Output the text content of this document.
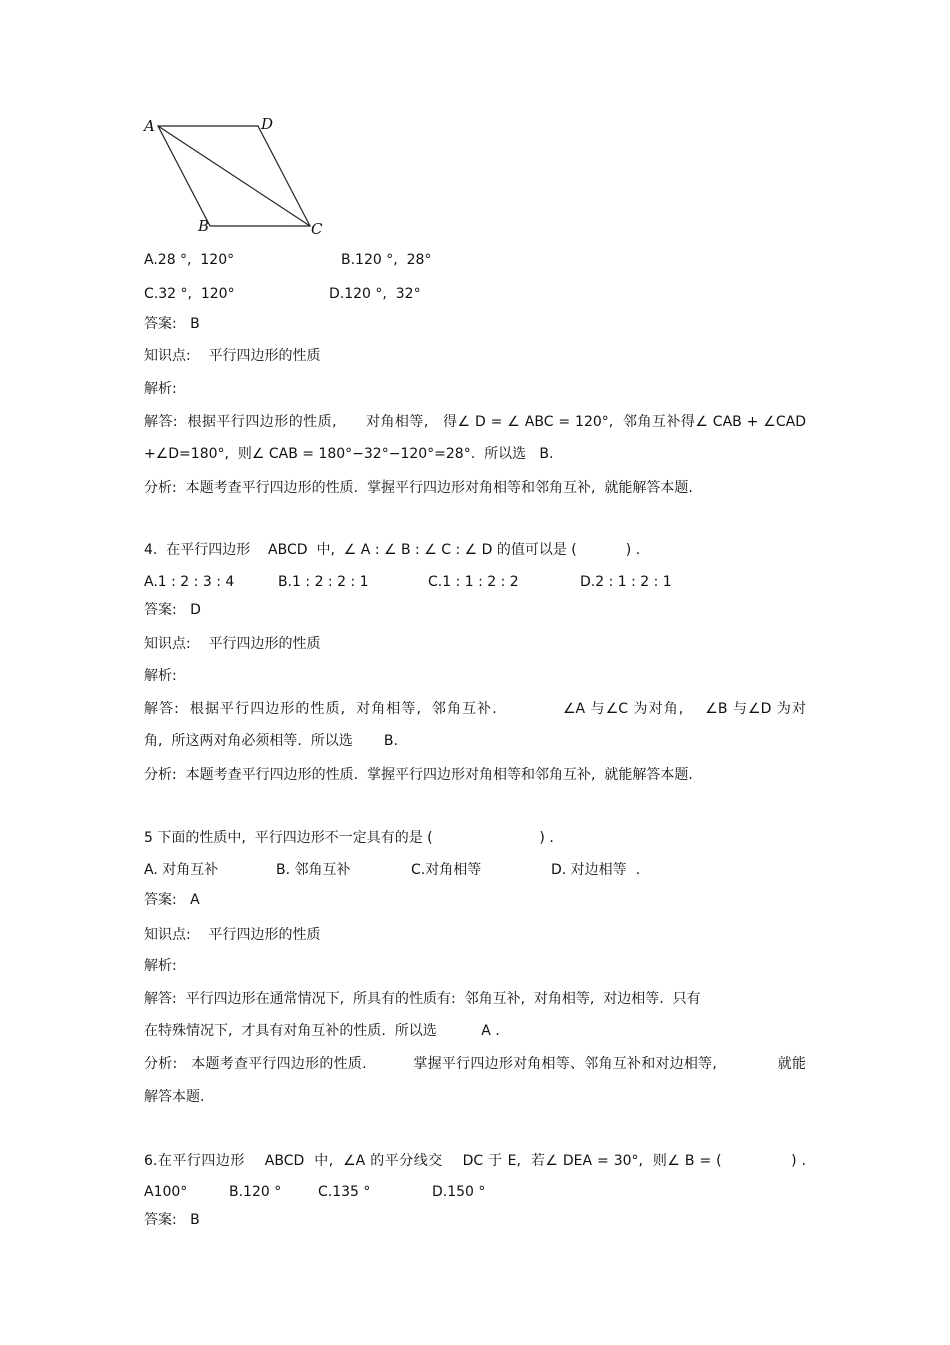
A	D
B	C
A.28 °,  120°	B.120 °,  28°
C.32 °,  120°	D.120 °,  32°
答案:   B
知识点:    平行四边形的性质
解析:
解答:  根据平行四边形的性质,      对角相等,   得∠ D = ∠ ABC = 120°,  邻角互补得∠ CAB + ∠CAD
+∠D=180°,  则∠ CAB = 180°−32°−120°=28°.  所以选   B.
分析:  本题考查平行四边形的性质.  掌握平行四边形对角相等和邻角互补,  就能解答本题.
4.  在平行四边形    ABCD  中,  ∠ A : ∠ B : ∠ C : ∠ D 的值可以是 (           ) .
A.1 : 2 : 3 : 4	B.1 : 2 : 2 : 1	C.1 : 1 : 2 : 2	D.2 : 1 : 2 : 1
答案:   D
知识点:    平行四边形的性质
解析:
解答:  根据平行四边形的性质,  对角相等,  邻角互补.            ∠A 与∠C 为对角,    ∠B 与∠D 为对
角,  所这两对角必须相等.  所以选       B.
分析:  本题考查平行四边形的性质.  掌握平行四边形对角相等和邻角互补,  就能解答本题.
5 下面的性质中,  平行四边形不一定具有的是 (                        ) .
A. 对角互补	B. 邻角互补	C.对角相等	D. 对边相等  .
答案:   A
知识点:    平行四边形的性质
解析:
解答:  平行四边形在通常情况下,  所具有的性质有:  邻角互补,  对角相等,  对边相等.  只有
在特殊情况下,  才具有对角互补的性质.  所以选          A .
分析:   本题考查平行四边形的性质.          掌握平行四边形对角相等、邻角互补和对边相等,             就能
解答本题.
6.在平行四边形    ABCD  中,  ∠A 的平分线交    DC 于 E,  若∠ DEA = 30°,  则∠ B = (              ) .
A100°	B.120 °	C.135 °	D.150 °
答案:   B
